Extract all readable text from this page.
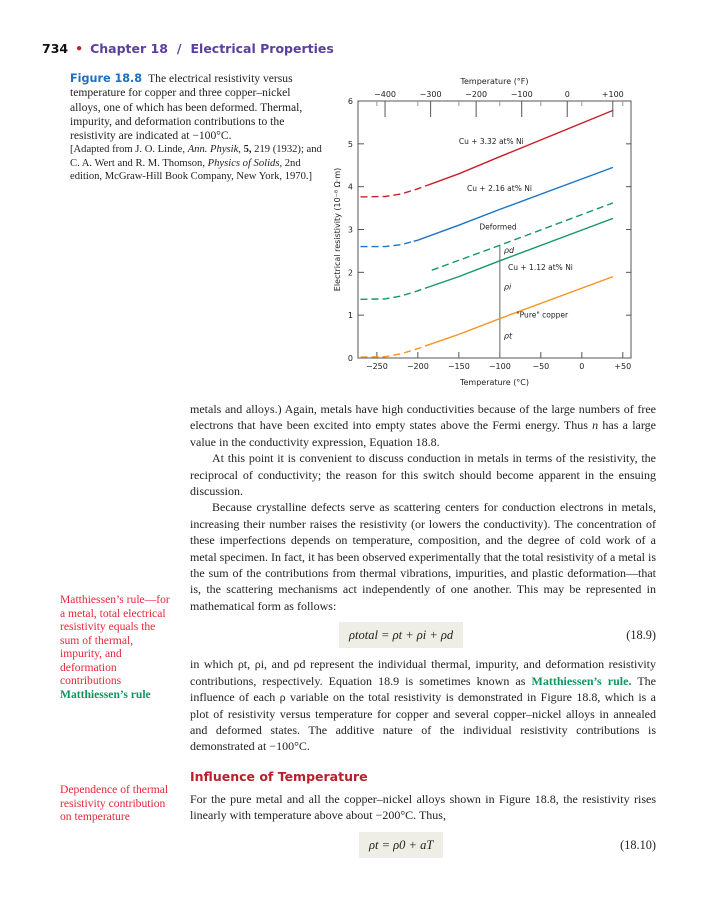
734 • Chapter 18 / Electrical Properties
Figure 18.8 The electrical resistivity versus temperature for copper and three copper–nickel alloys, one of which has been deformed. Thermal, impurity, and deformation contributions to the resistivity are indicated at −100°C.
[Adapted from J. O. Linde, Ann. Physik, 5, 219 (1932); and C. A. Wert and R. M. Thomson, Physics of Solids, 2nd edition, McGraw-Hill Book Company, New York, 1970.]
−250 −200 −150 −100	−50	0	+50
−400	−300	−200	−100	0	+100
0
1
2
3
4
5
6
Temperature (°C)
Temperature (°F)
Electrical resistivity (10⁻⁸ Ω·m)
Cu + 3.32 at% Ni
Cu + 2.16 at% Ni
Deformed
Cu + 1.12 at% Ni
"Pure" copper
ρd
ρi
ρt

metals and alloys.) Again, metals have high conductivities because of the large numbers of free electrons that have been excited into empty states above the Fermi energy. Thus n has a large value in the conductivity expression, Equation 18.8.

At this point it is convenient to discuss conduction in metals in terms of the resistivity, the reciprocal of conductivity; the reason for this switch should become apparent in the ensuing discussion.

Because crystalline defects serve as scattering centers for conduction electrons in metals, increasing their number raises the resistivity (or lowers the conductivity). The concentration of these imperfections depends on temperature, composition, and the degree of cold work of a metal specimen. In fact, it has been observed experimentally that the total resistivity of a metal is the sum of the contributions from thermal vibrations, impurities, and plastic deformation—that is, the scattering mechanisms act independently of one another. This may be represented in mathematical form as follows:

ρtotal = ρt + ρi + ρd	(18.9)

in which ρt, ρi, and ρd represent the individual thermal, impurity, and deformation resistivity contributions, respectively. Equation 18.9 is sometimes known as Matthiessen’s rule. The influence of each ρ variable on the total resistivity is demonstrated in Figure 18.8, which is a plot of resistivity versus temperature for copper and several copper–nickel alloys in annealed and deformed states. The additive nature of the individual resistivity contributions is demonstrated at −100°C.

Influence of Temperature

For the pure metal and all the copper–nickel alloys shown in Figure 18.8, the resistivity rises linearly with temperature above about −200°C. Thus,

ρt = ρ0 + aT	(18.10)
Matthiessen’s rule—for a metal, total electrical resistivity equals the sum of thermal, impurity, and deformation contributions
Matthiessen’s rule
Dependence of thermal resistivity contribution on temperature
